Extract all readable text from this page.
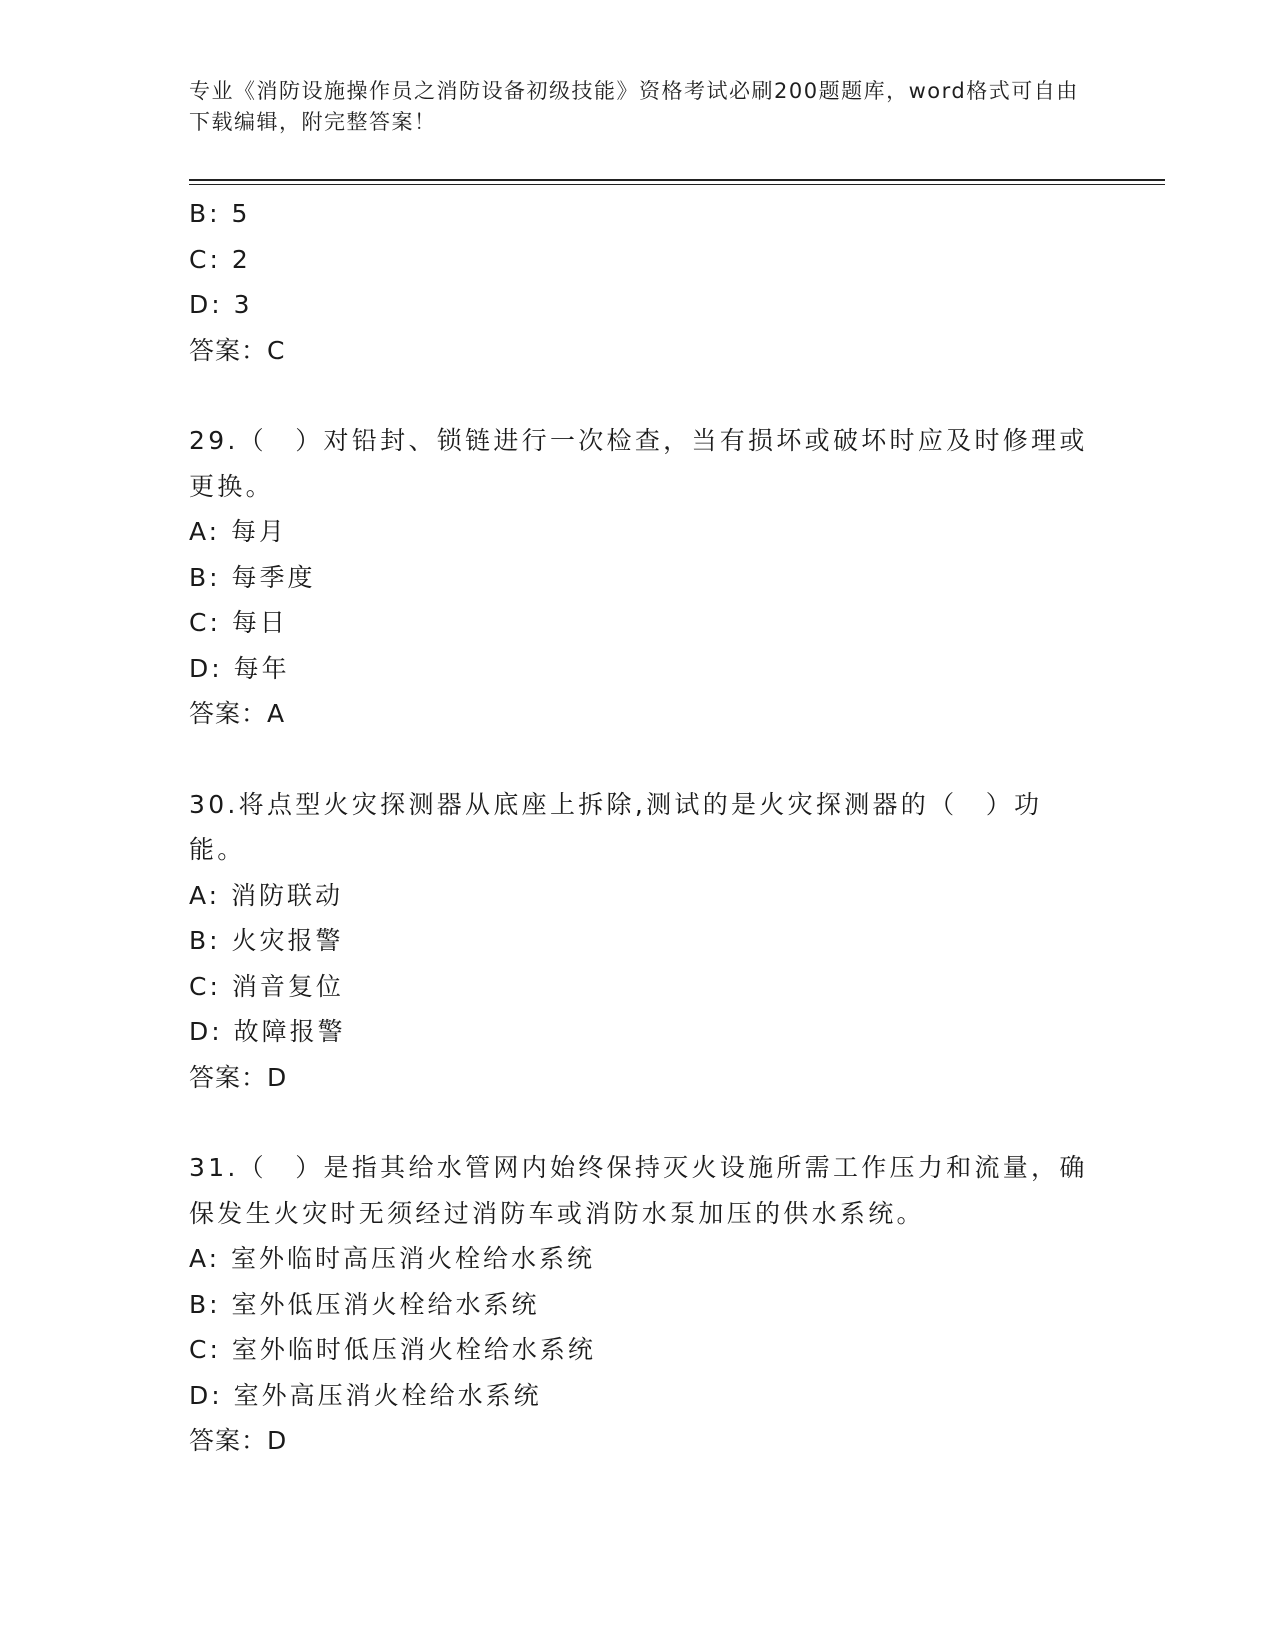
专业《消防设施操作员之消防设备初级技能》资格考试必刷200题题库，word格式可自由下载编辑，附完整答案！
B: 5
C: 2
D: 3
答案：C
29.（　）对铅封、锁链进行一次检查，当有损坏或破坏时应及时修理或更换。
A: 每月
B: 每季度
C: 每日
D: 每年
答案：A
30.将点型火灾探测器从底座上拆除,测试的是火灾探测器的（　）功能。
A: 消防联动
B: 火灾报警
C: 消音复位
D: 故障报警
答案：D
31.（　）是指其给水管网内始终保持灭火设施所需工作压力和流量，确保发生火灾时无须经过消防车或消防水泵加压的供水系统。
A: 室外临时高压消火栓给水系统
B: 室外低压消火栓给水系统
C: 室外临时低压消火栓给水系统
D: 室外高压消火栓给水系统
答案：D
